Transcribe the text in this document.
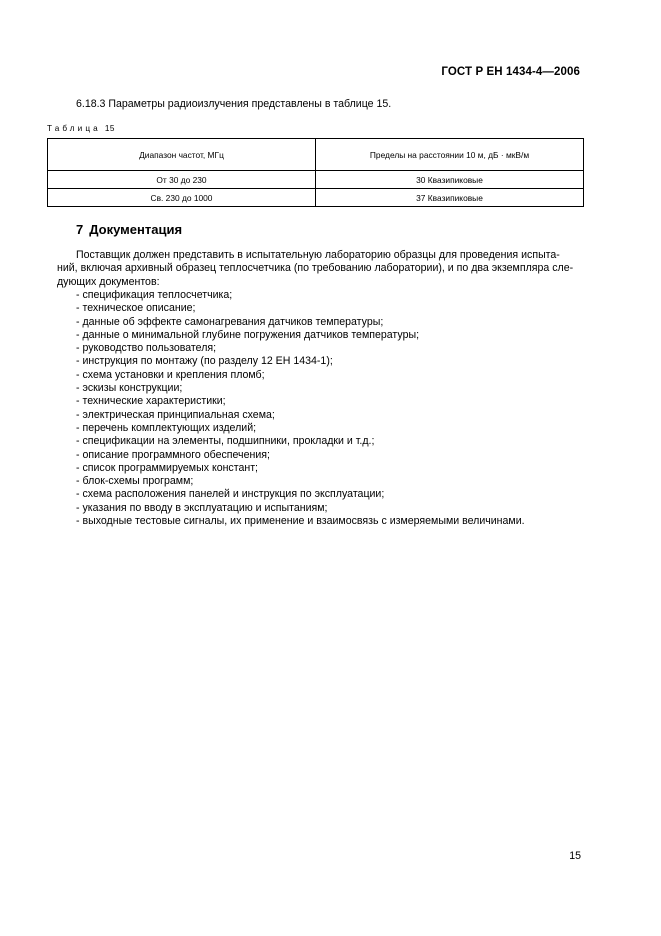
ГОСТ Р ЕН 1434-4—2006
6.18.3 Параметры радиоизлучения представлены в таблице 15.
Таблица 15
Диапазон частот, МГц	Пределы на расстоянии 10 м, дБ · мкВ/м
От 30 до 230	30 Квазипиковые
Св. 230 до 1000	37 Квазипиковые
7 Документация
Поставщик должен представить в испытательную лабораторию образцы для проведения испыта-
ний, включая архивный образец теплосчетчика (по требованию лаборатории), и по два экземпляра сле-
дующих документов:
- спецификация теплосчетчика;
- техническое описание;
- данные об эффекте самонагревания датчиков температуры;
- данные о минимальной глубине погружения датчиков температуры;
- руководство пользователя;
- инструкция по монтажу (по разделу 12 ЕН 1434-1);
- схема установки и крепления пломб;
- эскизы конструкции;
- технические характеристики;
- электрическая принципиальная схема;
- перечень комплектующих изделий;
- спецификации на элементы, подшипники, прокладки и т.д.;
- описание программного обеспечения;
- список программируемых констант;
- блок-схемы программ;
- схема расположения панелей и инструкция по эксплуатации;
- указания по вводу в эксплуатацию и испытаниям;
- выходные тестовые сигналы, их применение и взаимосвязь с измеряемыми величинами.
15
